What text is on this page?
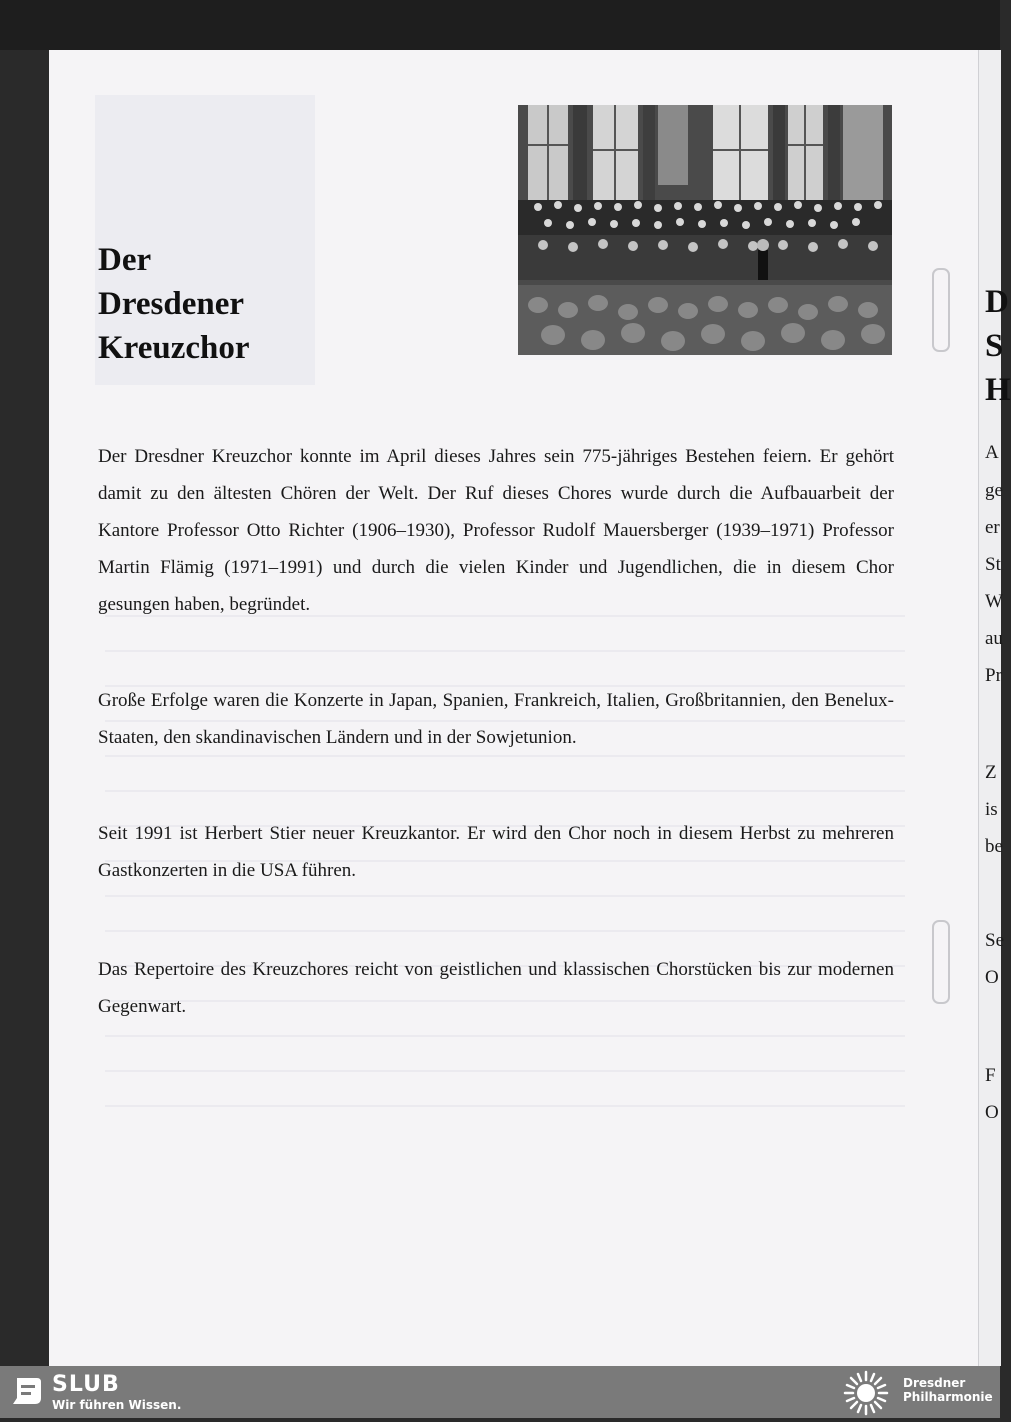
Der
Dresdener
Kreuzchor

Der Dresdner Kreuzchor konnte im April dieses Jahres sein 775-jähriges Bestehen feiern. Er gehört damit zu den ältesten Chören der Welt. Der Ruf dieses Chores wurde durch die Aufbauarbeit der Kantore Professor Otto Richter (1906–1930), Professor Rudolf Mauersberger (1939–1971) Professor Martin Flämig (1971–1991) und durch die vielen Kinder und Jugendlichen, die in diesem Chor gesungen haben, begründet.

Große Erfolge waren die Konzerte in Japan, Spanien, Frankreich, Italien, Großbritannien, den Benelux-Staaten, den skandinavischen Ländern und in der Sowjetunion.

Seit 1991 ist Herbert Stier neuer Kreuzkantor. Er wird den Chor noch in diesem Herbst zu mehreren Gastkonzerten in die USA führen.

Das Repertoire des Kreuzchores reicht von geistlichen und klassischen Chorstücken bis zur modernen Gegenwart.

D
S
H
A
ge
er
St
W
au
Pr
Z
is
be
Se
O
F
O
SLUB
Wir führen Wissen.
Dresdner
Philharmonie
